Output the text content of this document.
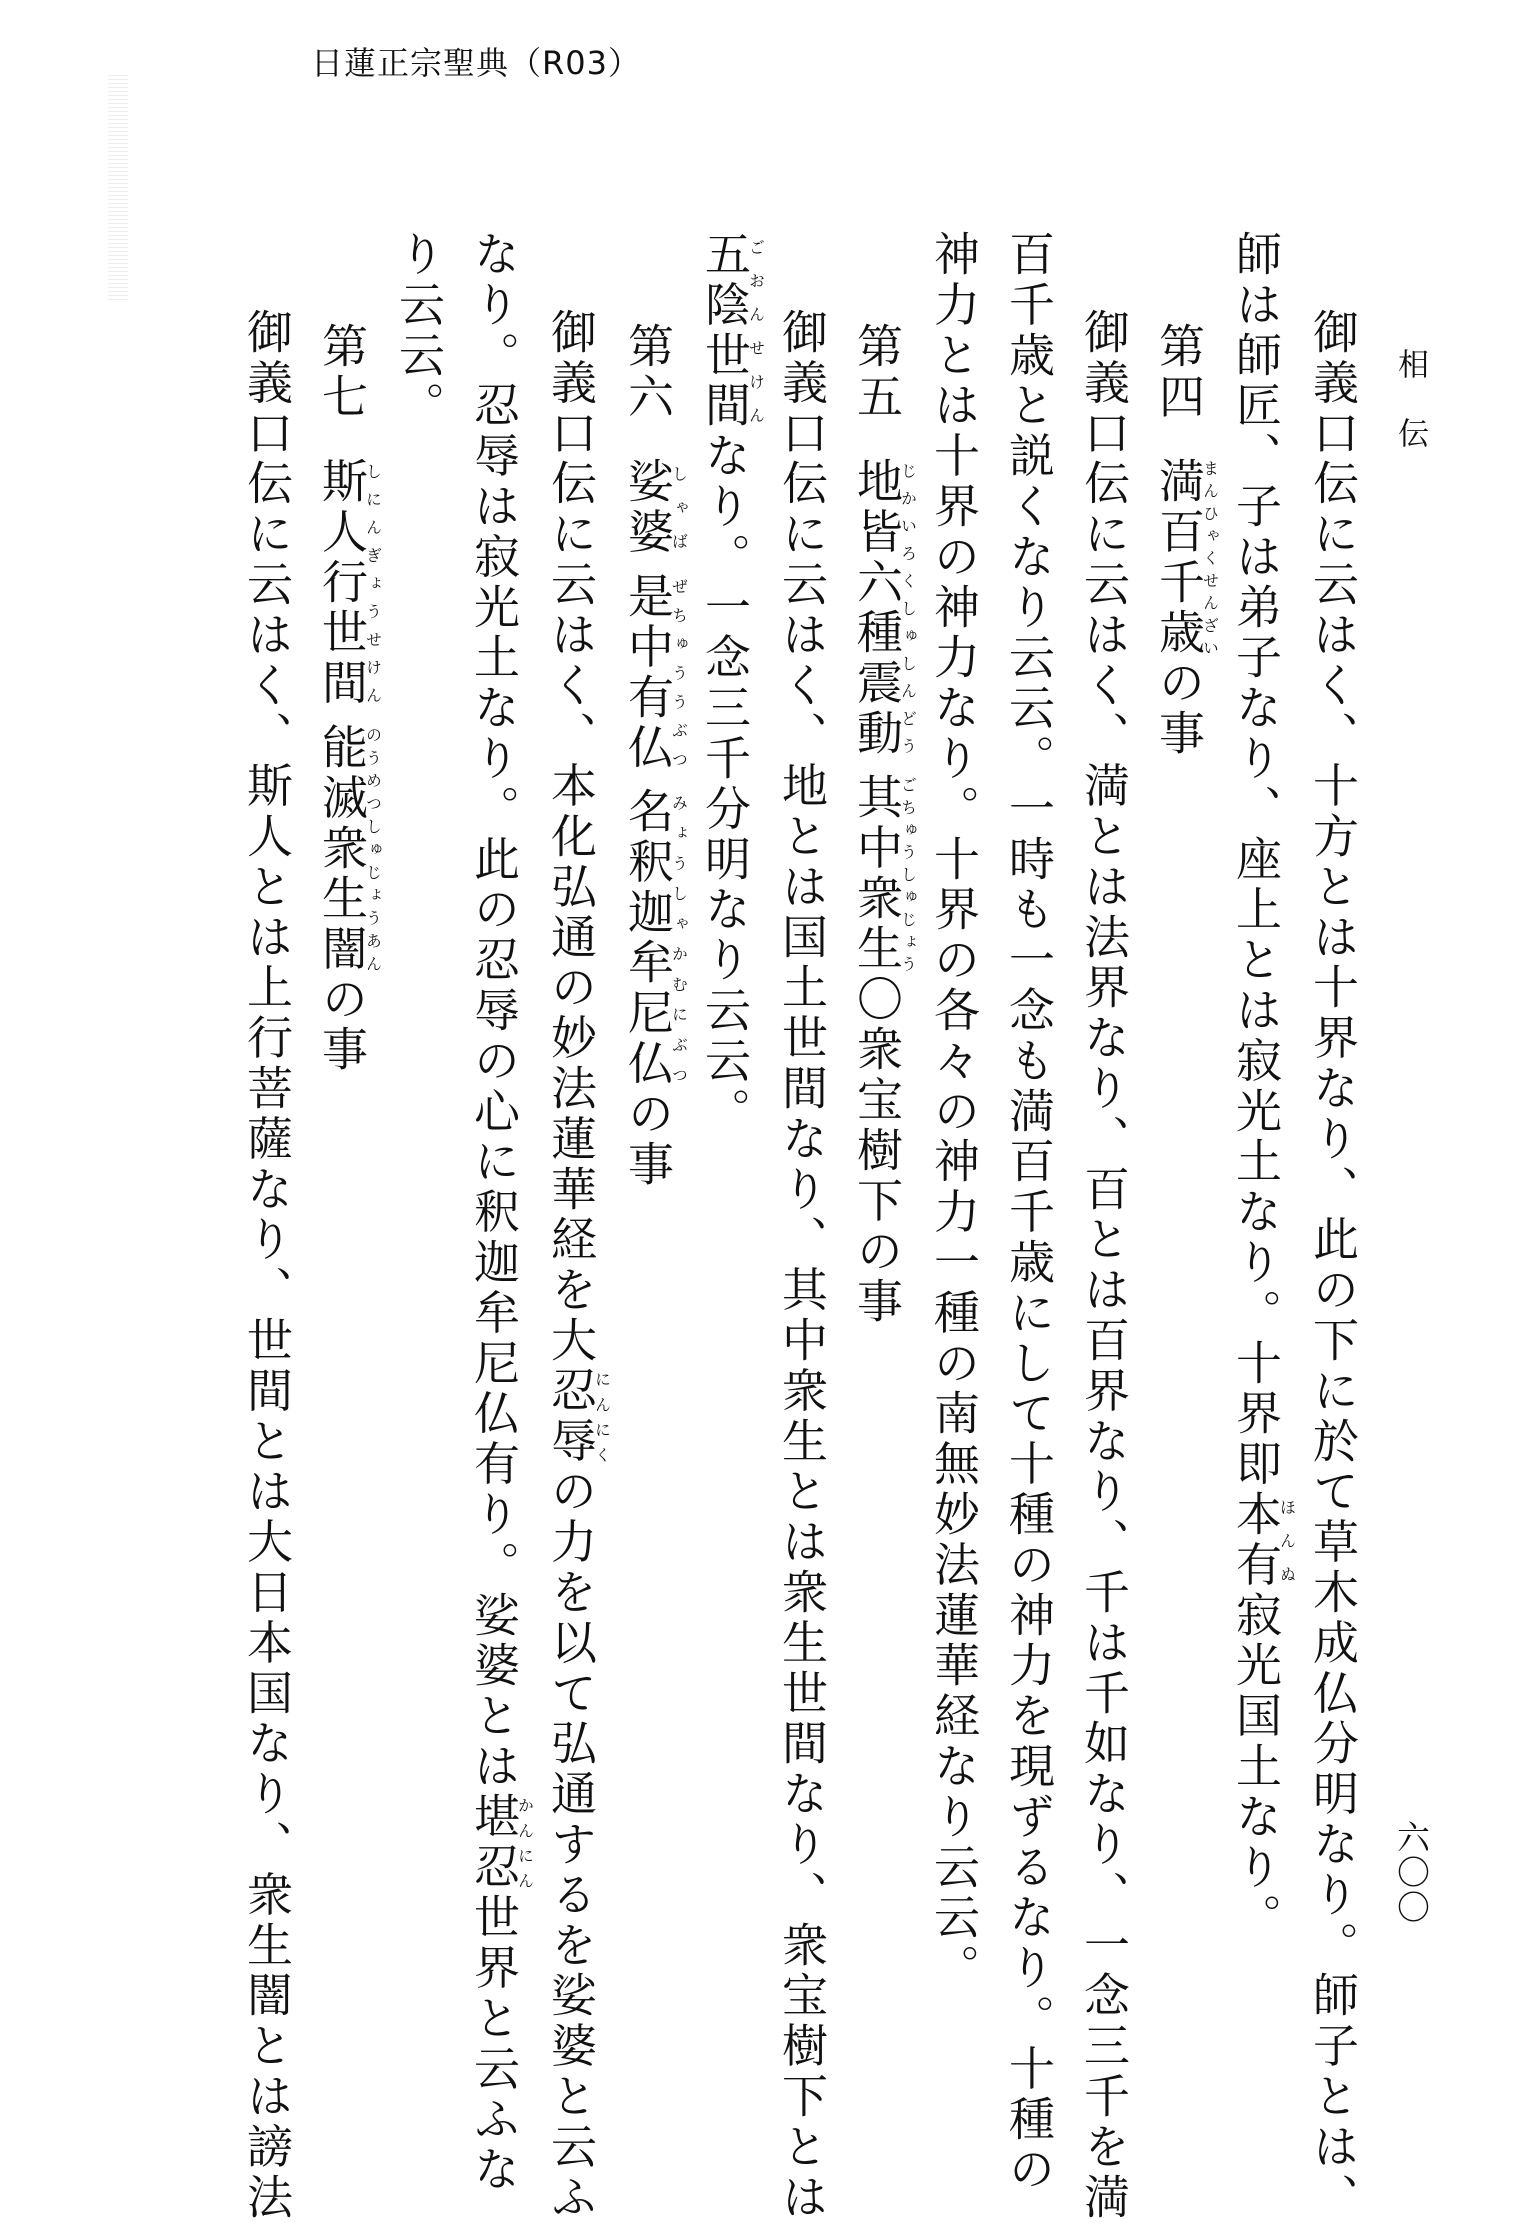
日蓮正宗聖典（R03）
相伝
六〇〇
御義口伝に云はく、十方とは十界なり、此の下に於て草木成仏分明なり。師子とは、
師は師匠、子は弟子なり、座上とは寂光土なり。十界即本有ほんぬ寂光国土なり。
第四満百千歳まんひゃくせんざいの事
御義口伝に云はく、満とは法界なり、百とは百界なり、千は千如なり、一念三千を満
百千歳と説くなり云云。一時も一念も満百千歳にして十種の神力を現ずるなり。十種の
神力とは十界の神力なり。十界の各々の神力一種の南無妙法蓮華経なり云云。
第五地皆六種震動じかいろくしゅしんどう其中衆生ごちゅうしゅじょう〇衆宝樹下の事
御義口伝に云はく、地とは国土世間なり、其中衆生とは衆生世間なり、衆宝樹下とは
五陰世間ごおんせけんなり。一念三千分明なり云云。
第六娑婆しゃば是中有仏ぜちゅううぶつ名釈迦牟尼仏みょうしゃかむにぶつの事
御義口伝に云はく、本化弘通の妙法蓮華経を大忍辱にんにくの力を以て弘通するを娑婆と云ふ
なり。忍辱は寂光土なり。此の忍辱の心に釈迦牟尼仏有り。娑婆とは堪忍かんにん世界と云ふな
り云云。
第七斯人行世間しにんぎょうせけん能滅衆生闇のうめつしゅじょうあんの事
御義口伝に云はく、斯人とは上行菩薩なり、世間とは大日本国なり、衆生闇とは謗法
